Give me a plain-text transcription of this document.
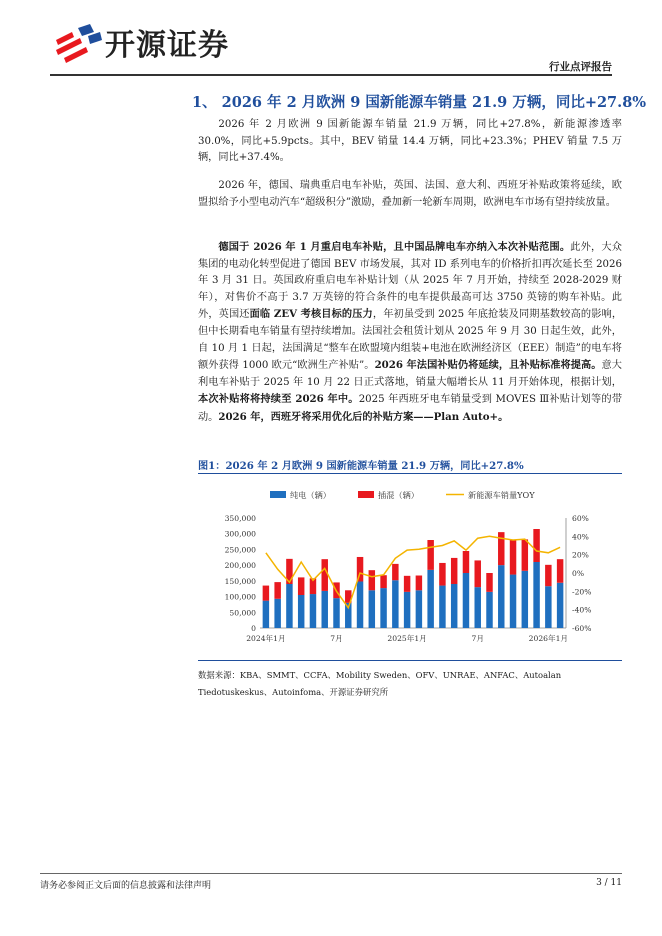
开源证券
行业点评报告
1、 2026 年 2 月欧洲 9 国新能源车销量 21.9 万辆，同比+27.8%
2026 年 2 月欧洲 9 国新能源车销量 21.9 万辆，同比+27.8%，新能源渗透率 30.0%，同比+5.9pcts。其中，BEV 销量 14.4 万辆，同比+23.3%；PHEV 销量 7.5 万辆，同比+37.4%。
2026 年，德国、瑞典重启电车补贴，英国、法国、意大利、西班牙补贴政策将延续，欧盟拟给予小型电动汽车“超级积分”激励，叠加新一轮新车周期，欧洲电车市场有望持续放量。
德国于 2026 年 1 月重启电车补贴，且中国品牌电车亦纳入本次补贴范围。此外，大众集团的电动化转型促进了德国 BEV 市场发展，其对 ID 系列电车的价格折扣再次延长至 2026 年 3 月 31 日。英国政府重启电车补贴计划（从 2025 年 7 月开始，持续至 2028-2029 财年），对售价不高于 3.7 万英镑的符合条件的电车提供最高可达 3750 英镑的购车补贴。此外，英国还面临 ZEV 考核目标的压力，年初虽受到 2025 年底抢装及同期基数较高的影响，但中长期看电车销量有望持续增加。法国社会租赁计划从 2025 年 9 月 30 日起生效，此外，自 10 月 1 日起，法国满足“整车在欧盟境内组装+电池在欧洲经济区（EEE）制造”的电车将额外获得 1000 欧元“欧洲生产补贴”。2026 年法国补贴仍将延续，且补贴标准将提高。意大利电车补贴于 2025 年 10 月 22 日正式落地，销量大幅增长从 11 月开始体现，根据计划，本次补贴将将持续至 2026 年中。2025 年西班牙电车销量受到 MOVES Ⅲ补贴计划等的带动。2026 年，西班牙将采用优化后的补贴方案——Plan Auto+。
图1：2026 年 2 月欧洲 9 国新能源车销量 21.9 万辆，同比+27.8%
纯电（辆）	插混（辆）	新能源车销量YOY
0
50,000
100,000
150,000
200,000
250,000
300,000
350,000
-60%
-40%
-20%
0%
20%
40%
60%
2024年1月	7月	2025年1月	7月	2026年1月
数据来源：KBA、SMMT、CCFA、Mobility Sweden、OFV、UNRAE、ANFAC、Autoalan Tiedotuskeskus、Autoinfoma、开源证券研究所
请务必参阅正文后面的信息披露和法律声明	3 / 11
